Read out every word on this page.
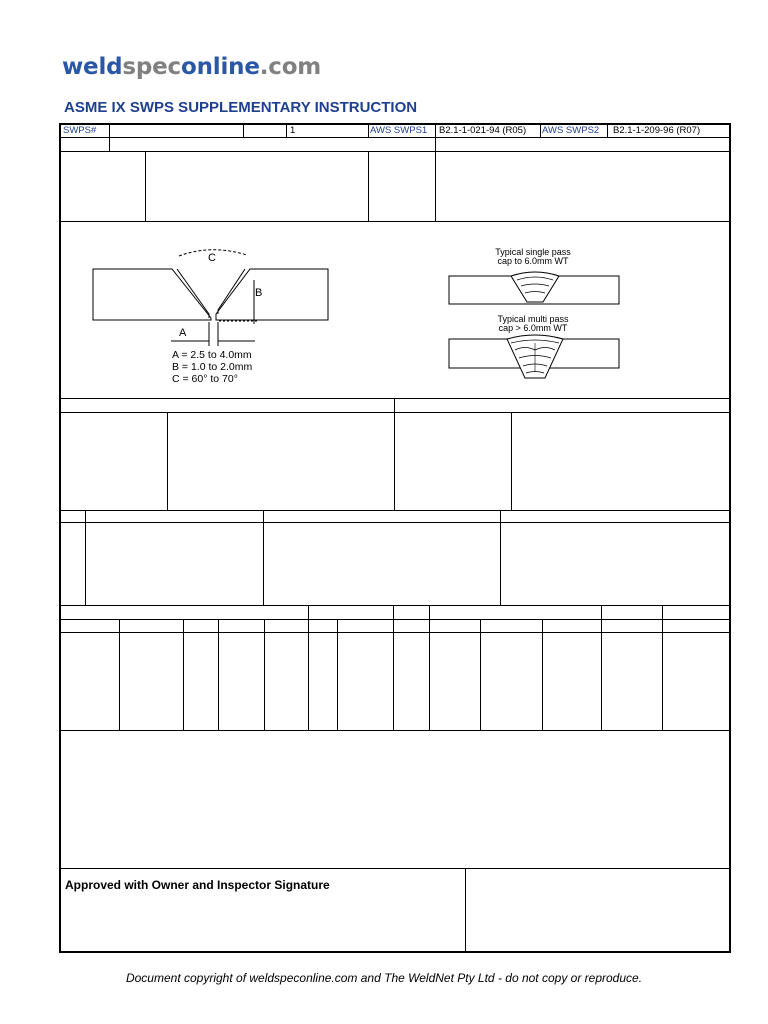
weldspeconline.com
ASME IX SWPS SUPPLEMENTARY INSTRUCTION
SWPS#	1	AWS SWPS1 B2.1-1-021-94 (R05) AWS SWPS2 B2.1-1-209-96 (R07)
C
B
A
A = 2.5 to 4.0mm
B = 1.0 to 2.0mm
C = 60° to 70°
Typical single pass
cap to 6.0mm WT
Typical multi pass
cap > 6.0mm WT
Approved with Owner and Inspector Signature
Document copyright of weldspeconline.com and The WeldNet Pty Ltd - do not copy or reproduce.
